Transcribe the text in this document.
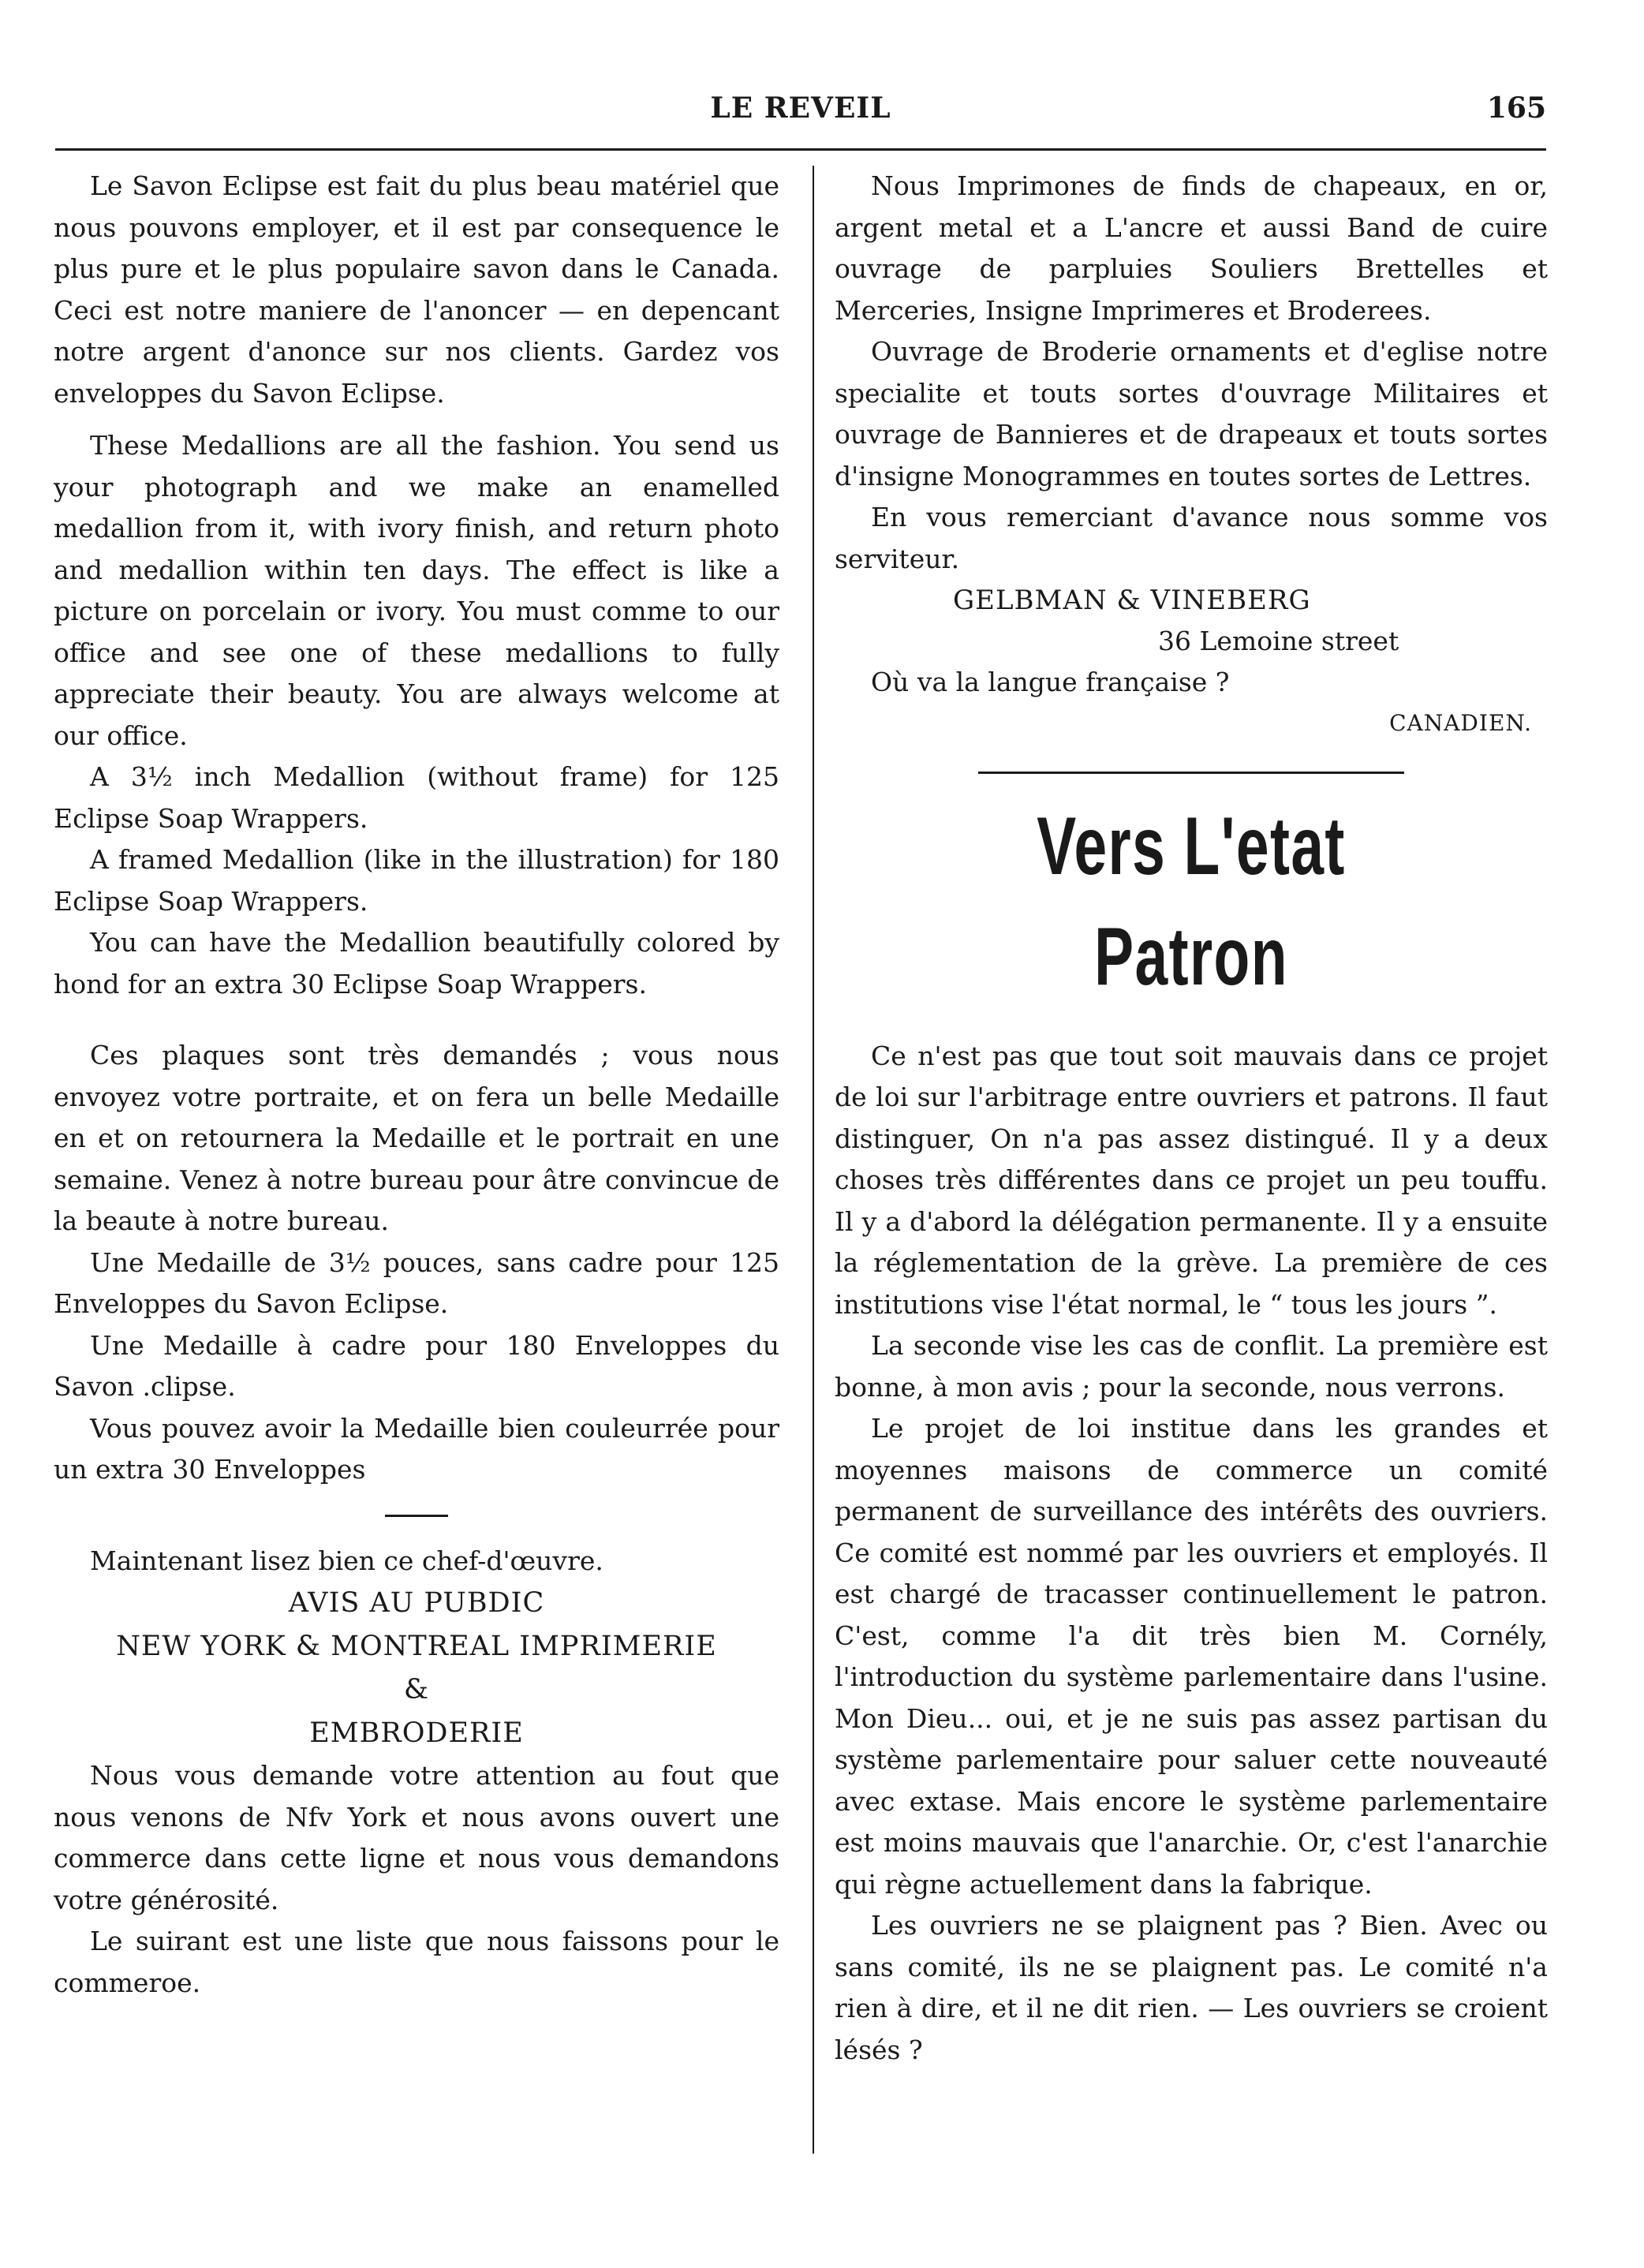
LE REVEIL	165

Le Savon Eclipse est fait du plus beau matériel que nous pouvons employer, et il est par consequence le plus pure et le plus populaire savon dans le Canada. Ceci est notre maniere de l'anoncer — en depencant notre argent d'anonce sur nos clients. Gardez vos enveloppes du Savon Eclipse.

These Medallions are all the fashion. You send us your photograph and we make an enamelled medallion from it, with ivory finish, and return photo and medallion within ten days. The effect is like a picture on porcelain or ivory. You must comme to our office and see one of these medallions to fully appreciate their beauty. You are always welcome at our office.

A 3½ inch Medallion (without frame) for 125 Eclipse Soap Wrappers.

A framed Medallion (like in the illustration) for 180 Eclipse Soap Wrappers.

You can have the Medallion beautifully colored by hond for an extra 30 Eclipse Soap Wrappers.

Ces plaques sont très demandés ; vous nous envoyez votre portraite, et on fera un belle Medaille en et on retournera la Medaille et le portrait en une semaine. Venez à notre bureau pour âtre convincue de la beaute à notre bureau.

Une Medaille de 3½ pouces, sans cadre pour 125 Enveloppes du Savon Eclipse.

Une Medaille à cadre pour 180 Enveloppes du Savon .clipse.

Vous pouvez avoir la Medaille bien couleurrée pour un extra 30 Enveloppes

Maintenant lisez bien ce chef-d'œuvre.

AVIS AU PUBDIC
NEW YORK & MONTREAL IMPRIMERIE
&
EMBRODERIE

Nous vous demande votre attention au fout que nous venons de Nfv York et nous avons ouvert une commerce dans cette ligne et nous vous demandons votre générosité.

Le suirant est une liste que nous faissons pour le commeroe.

Nous Imprimones de finds de chapeaux, en or, argent metal et a L'ancre et aussi Band de cuire ouvrage de parpluies Souliers Brettelles et Merceries, Insigne Imprimeres et Broderees.

Ouvrage de Broderie ornaments et d'eglise notre specialite et touts sortes d'ouvrage Militaires et ouvrage de Bannieres et de drapeaux et touts sortes d'insigne Monogrammes en toutes sortes de Lettres.

En vous remerciant d'avance nous somme vos serviteur.

GELBMAN & VINEBERG
36 Lemoine street

Où va la langue française ?

CANADIEN.
Vers L'etat Patron

Ce n'est pas que tout soit mauvais dans ce projet de loi sur l'arbitrage entre ouvriers et patrons. Il faut distinguer, On n'a pas assez distingué. Il y a deux choses très différentes dans ce projet un peu touffu. Il y a d'abord la délégation permanente. Il y a ensuite la réglementation de la grève. La première de ces institutions vise l'état normal, le “ tous les jours ”.

La seconde vise les cas de conflit. La première est bonne, à mon avis ; pour la seconde, nous verrons.

Le projet de loi institue dans les grandes et moyennes maisons de commerce un comité permanent de surveillance des intérêts des ouvriers. Ce comité est nommé par les ouvriers et employés. Il est chargé de tracasser continuellement le patron. C'est, comme l'a dit très bien M. Cornély, l'introduction du système parlementaire dans l'usine. Mon Dieu... oui, et je ne suis pas assez partisan du système parlementaire pour saluer cette nouveauté avec extase. Mais encore le système parlementaire est moins mauvais que l'anarchie. Or, c'est l'anarchie qui règne actuellement dans la fabrique.

Les ouvriers ne se plaignent pas ? Bien. Avec ou sans comité, ils ne se plaignent pas. Le comité n'a rien à dire, et il ne dit rien. — Les ouvriers se croient lésés ?
